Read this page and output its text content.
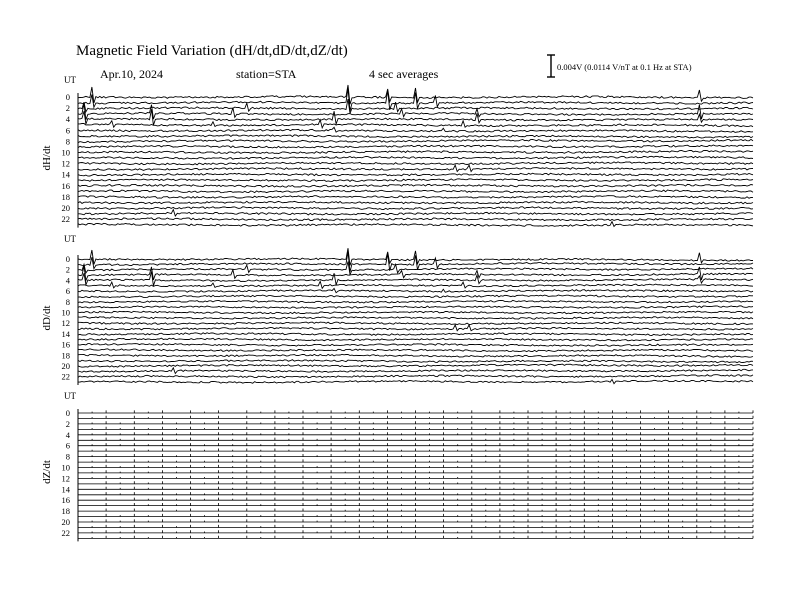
Magnetic Field Variation (dH/dt,dD/dt,dZ/dt)
Apr.10, 2024	station=STA	4 sec averages	0.004V (0.0114 V/nT at 0.1 Hz at STA)
UT
dH/dt
0
2
4
6
8
10
12
14
16
18
20
22
UT
dD/dt
0
2
4
6
8
10
12
14
16
18
20
22
UT
dZ/dt
0
2
4
6
8
10
12
14
16
18
20
22
